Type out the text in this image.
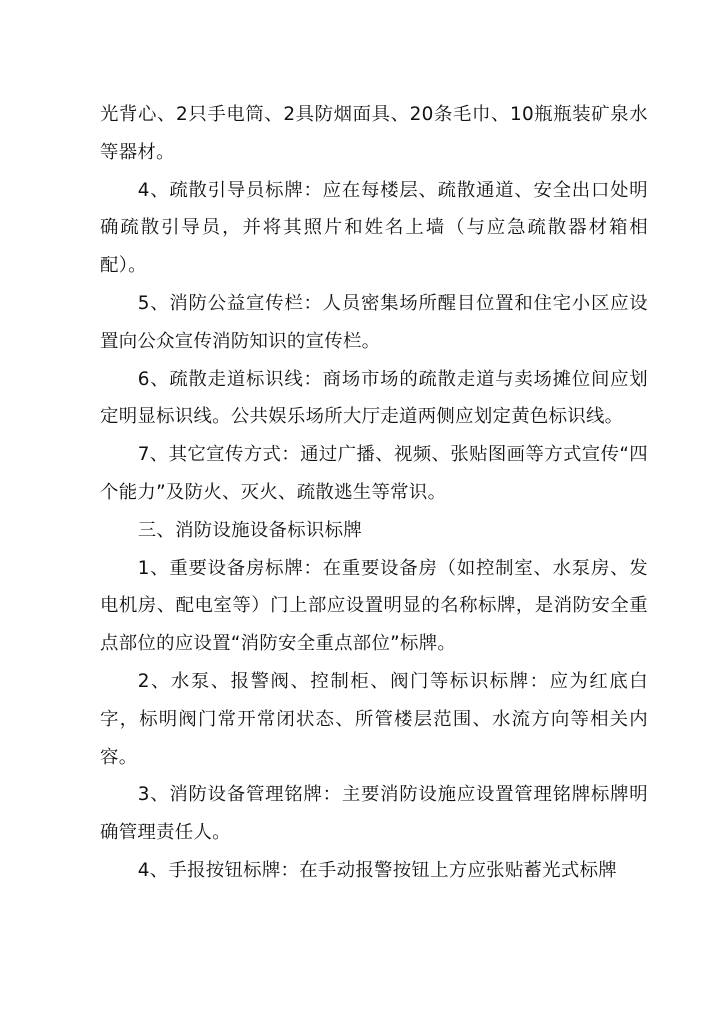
光背心、2只手电筒、2具防烟面具、20条毛巾、10瓶瓶装矿泉水等器材。

4、疏散引导员标牌：应在每楼层、疏散通道、安全出口处明确疏散引导员，并将其照片和姓名上墙（与应急疏散器材箱相配）。

5、消防公益宣传栏：人员密集场所醒目位置和住宅小区应设置向公众宣传消防知识的宣传栏。

6、疏散走道标识线：商场市场的疏散走道与卖场摊位间应划定明显标识线。公共娱乐场所大厅走道两侧应划定黄色标识线。

7、其它宣传方式：通过广播、视频、张贴图画等方式宣传“四个能力”及防火、灭火、疏散逃生等常识。

三、消防设施设备标识标牌

1、重要设备房标牌：在重要设备房（如控制室、水泵房、发电机房、配电室等）门上部应设置明显的名称标牌，是消防安全重点部位的应设置“消防安全重点部位”标牌。

2、水泵、报警阀、控制柜、阀门等标识标牌：应为红底白字，标明阀门常开常闭状态、所管楼层范围、水流方向等相关内容。

3、消防设备管理铭牌：主要消防设施应设置管理铭牌标牌明确管理责任人。

4、手报按钮标牌：在手动报警按钮上方应张贴蓄光式标牌
